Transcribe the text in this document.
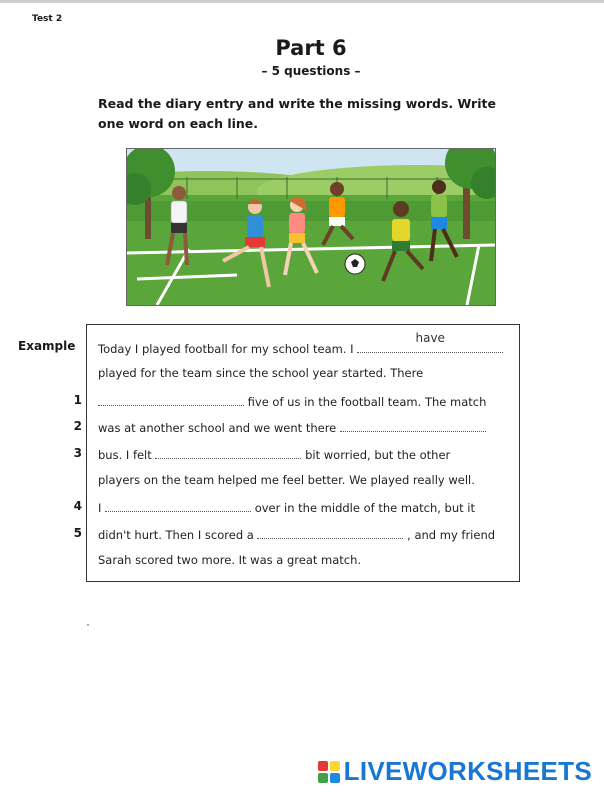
Test 2
Part 6
– 5 questions –
Read the diary entry and write the missing words. Write one word on each line.
Example
1
2
3
4
5
Today I played football for my school team. I
have
played for the team since the school year started. There
five of us in the football team. The match
was at another school and we went there
bus. I felt	bit worried, but the other
players on the team helped me feel better. We played really well.
I	over in the middle of the match, but it
didn't hurt. Then I scored a	, and my friend
Sarah scored two more. It was a great match.
LIVEWORKSHEETS
